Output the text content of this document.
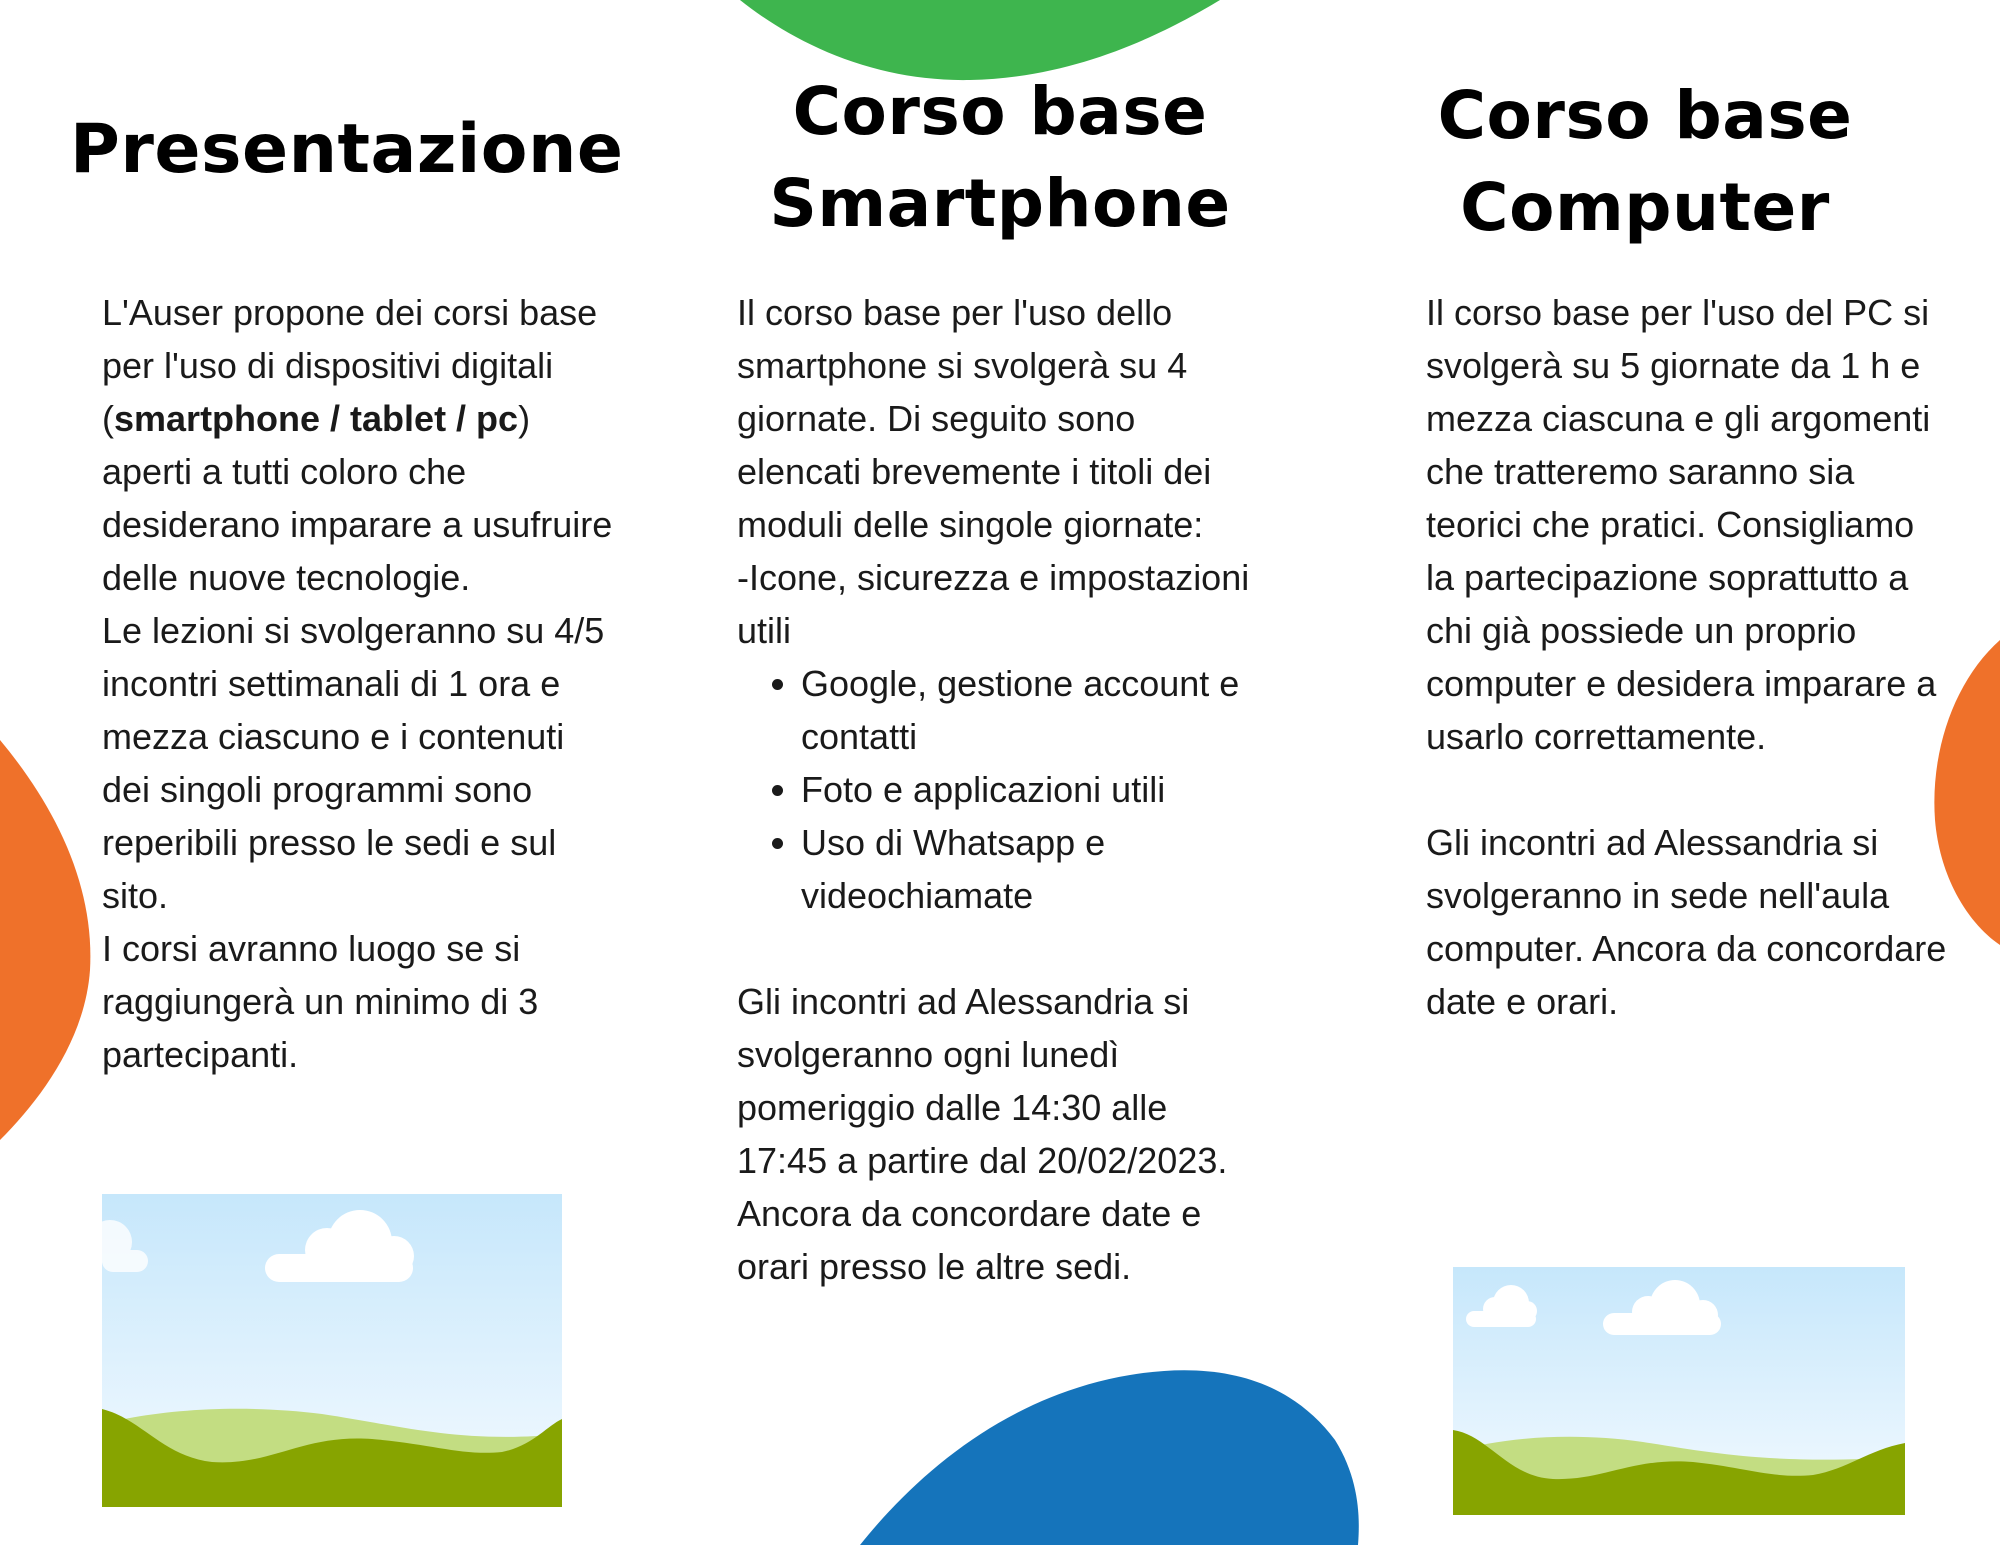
Presentazione

L'Auser propone dei corsi base per l'uso di dispositivi digitali (smartphone / tablet / pc) aperti a tutti coloro che desiderano imparare a usufruire delle nuove tecnologie.

Le lezioni si svolgeranno su 4/5 incontri settimanali di 1 ora e mezza ciascuno e i contenuti dei singoli programmi sono reperibili presso le sedi e sul sito.

I corsi avranno luogo se si raggiungerà un minimo di 3 partecipanti.

Corso base
Smartphone

Il corso base per l'uso dello smartphone si svolgerà su 4 giornate. Di seguito sono elencati brevemente i titoli dei moduli delle singole giornate:

-Icone, sicurezza e impostazioni utili

• Google, gestione account e contatti
• Foto e applicazioni utili
• Uso di Whatsapp e videochiamate

Gli incontri ad Alessandria si svolgeranno ogni lunedì pomeriggio dalle 14:30 alle 17:45 a partire dal 20/02/2023. Ancora da concordare date e orari presso le altre sedi.

Corso base
Computer

Il corso base per l'uso del PC si svolgerà su 5 giornate da 1 h e mezza ciascuna e gli argomenti che tratteremo saranno sia teorici che pratici. Consigliamo la partecipazione soprattutto a chi già possiede un proprio computer e desidera imparare a usarlo correttamente.

Gli incontri ad Alessandria si svolgeranno in sede nell'aula computer. Ancora da concordare date e orari.
